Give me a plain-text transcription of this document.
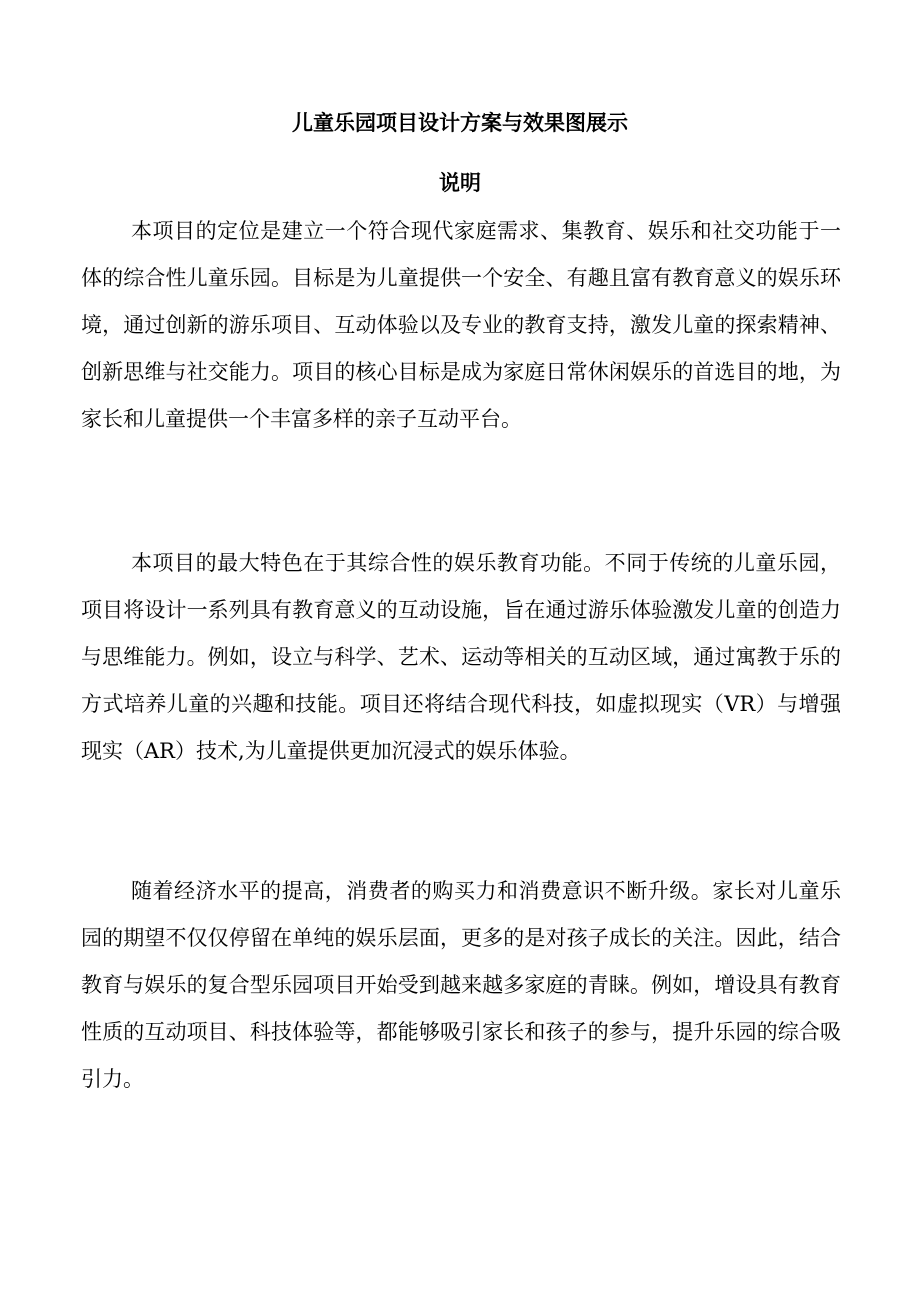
儿童乐园项目设计方案与效果图展示
说明

本项目的定位是建立一个符合现代家庭需求、集教育、娱乐和社交功能于一体的综合性儿童乐园。目标是为儿童提供一个安全、有趣且富有教育意义的娱乐环境，通过创新的游乐项目、互动体验以及专业的教育支持，激发儿童的探索精神、创新思维与社交能力。项目的核心目标是成为家庭日常休闲娱乐的首选目的地，为家长和儿童提供一个丰富多样的亲子互动平台。

本项目的最大特色在于其综合性的娱乐教育功能。不同于传统的儿童乐园，项目将设计一系列具有教育意义的互动设施，旨在通过游乐体验激发儿童的创造力与思维能力。例如，设立与科学、艺术、运动等相关的互动区域，通过寓教于乐的方式培养儿童的兴趣和技能。项目还将结合现代科技，如虚拟现实（VR）与增强现实（AR）技术,为儿童提供更加沉浸式的娱乐体验。

随着经济水平的提高，消费者的购买力和消费意识不断升级。家长对儿童乐园的期望不仅仅停留在单纯的娱乐层面，更多的是对孩子成长的关注。因此，结合教育与娱乐的复合型乐园项目开始受到越来越多家庭的青睐。例如，增设具有教育性质的互动项目、科技体验等，都能够吸引家长和孩子的参与，提升乐园的综合吸引力。
